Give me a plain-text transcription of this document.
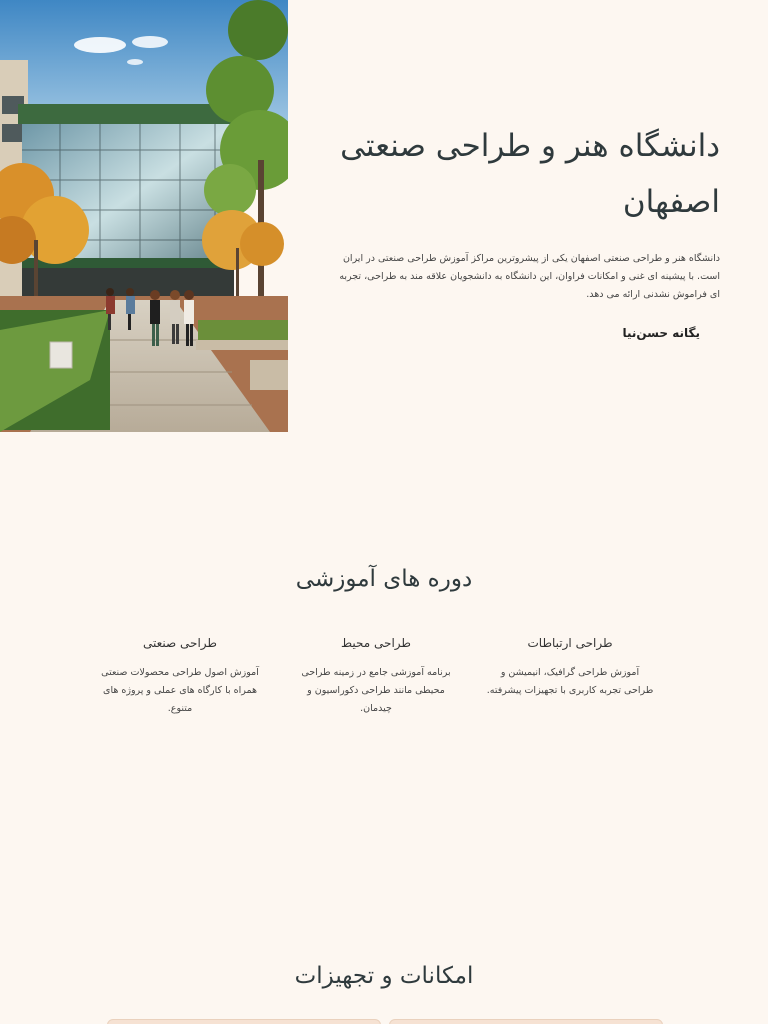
دانشگاه هنر و طراحی صنعتی اصفهان

دانشگاه هنر و طراحی صنعتی اصفهان یکی از پیشروترین مراکز آموزش طراحی صنعتی در ایران است. با پیشینه ای غنی و امکانات فراوان، این دانشگاه به دانشجویان علاقه مند به طراحی، تجربه ای فراموش نشدنی ارائه می دهد.

یگانه حسن‌نیا
دوره های آموزشی
طراحی ارتباطات

آموزش طراحی گرافیک، انیمیشن و طراحی تجربه کاربری با تجهیزات پیشرفته.

طراحی محیط

برنامه آموزشی جامع در زمینه طراحی محیطی مانند طراحی دکوراسیون و چیدمان.

طراحی صنعتی

آموزش اصول طراحی محصولات صنعتی همراه با کارگاه های عملی و پروژه های متنوع.

امکانات و تجهیزات
